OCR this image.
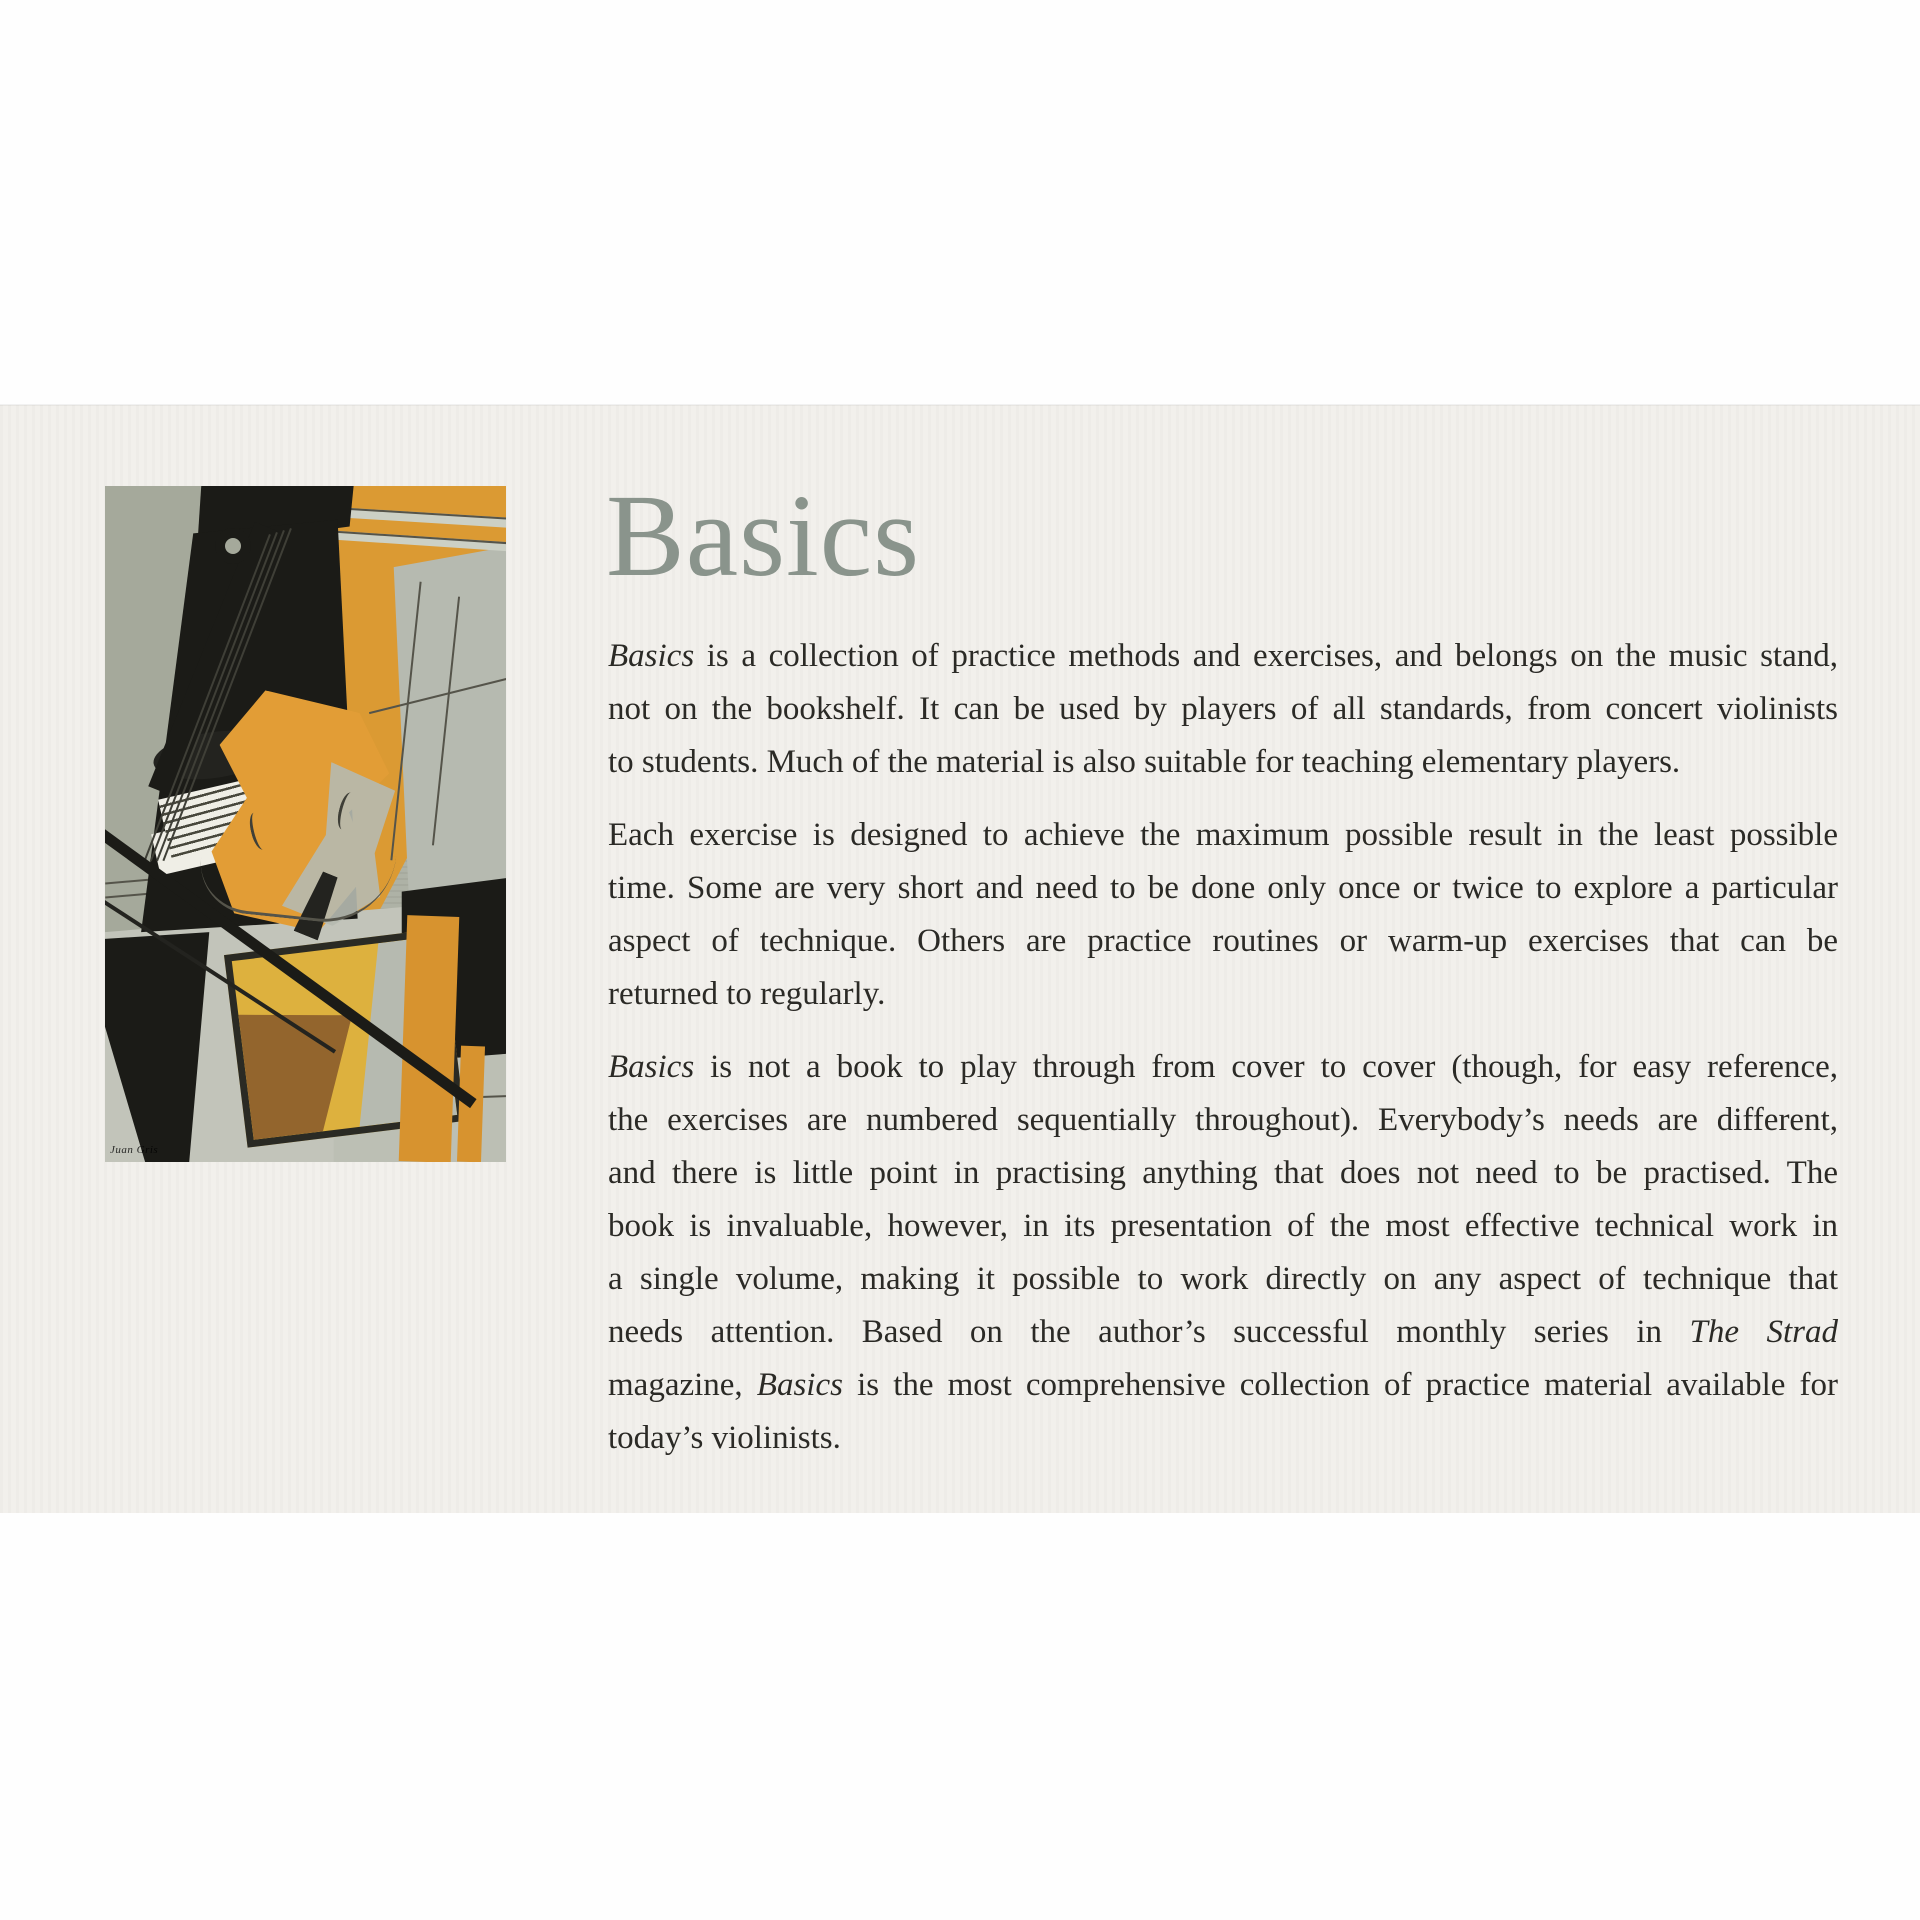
Juan Gris
Basics
Basics is a collection of practice methods and exercises, and belongs on the music stand,
not on the bookshelf. It can be used by players of all standards, from concert violinists
to students. Much of the material is also suitable for teaching elementary players.
Each exercise is designed to achieve the maximum possible result in the least possible
time. Some are very short and need to be done only once or twice to explore a particular
aspect of technique. Others are practice routines or warm-up exercises that can be
returned to regularly.
Basics is not a book to play through from cover to cover (though, for easy reference,
the exercises are numbered sequentially throughout). Everybody’s needs are different,
and there is little point in practising anything that does not need to be practised. The
book is invaluable, however, in its presentation of the most effective technical work in
a single volume, making it possible to work directly on any aspect of technique that
needs attention. Based on the author’s successful monthly series in The Strad
magazine, Basics is the most comprehensive collection of practice material available for
today’s violinists.
